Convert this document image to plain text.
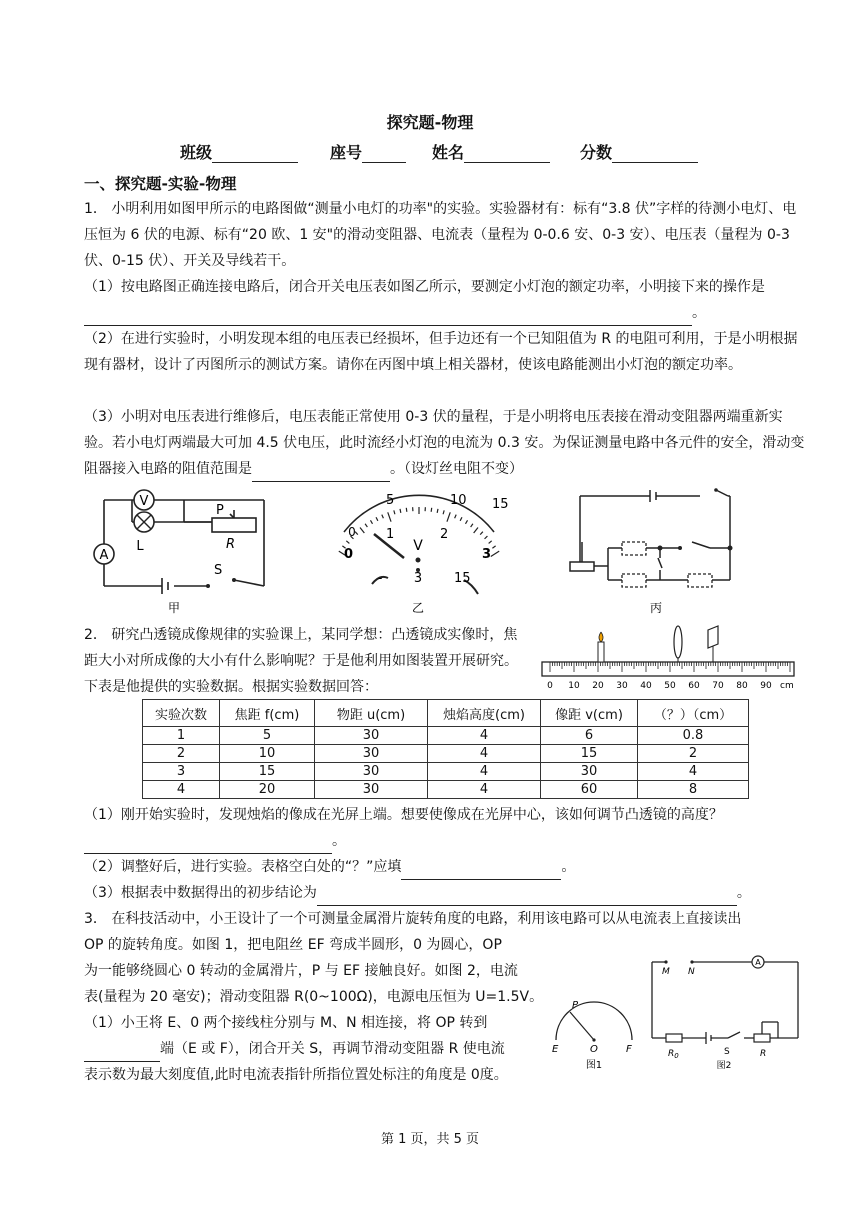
探究题-物理
班级	座号	姓名	分数
一、探究题-实验-物理
1． 小明利用如图甲所示的电路图做“测量小电灯的功率"的实验。实验器材有：标有“3.8 伏”字样的待测小电灯、电压恒为 6 伏的电源、标有“20 欧、1 安"的滑动变阻器、电流表（量程为 0-0.6 安、0-3 安）、电压表（量程为 0-3 伏、0-15 伏）、开关及导线若干。
（1）按电路图正确连接电路后，闭合开关电压表如图乙所示，要测定小灯泡的额定功率，小明接下来的操作是。
（2）在进行实验时，小明发现本组的电压表已经损坏，但手边还有一个已知阻值为 R 的电阻可利用，于是小明根据现有器材，设计了丙图所示的测试方案。请你在丙图中填上相关器材，使该电路能测出小灯泡的额定功率。
（3）小明对电压表进行维修后，电压表能正常使用 0-3 伏的量程，于是小明将电压表接在滑动变阻器两端重新实验。若小电灯两端最大可加 4.5 伏电压，此时流经小灯泡的电流为 0.3 安。为保证测量电路中各元件的安全，滑动变阻器接入电路的阻值范围是	。（设灯丝电阻不变）
V
A
L
P
R
S
甲
0
5	10 15
0
1	2
3
V
- 3 15
乙	丙
2． 研究凸透镜成像规律的实验课上，某同学想：凸透镜成实像时，焦距大小对所成像的大小有什么影响呢？于是他利用如图装置开展研究。下表是他提供的实验数据。根据实验数据回答：	0 10 20 30 40 50 60 70 80 90 cm
实验次数	焦距 f(cm)	物距 u(cm)	烛焰高度(cm)	像距 v(cm)	（？）（cm）
1	5	30	4	6	0.8
2	10	30	4	15	2
3	15	30	4	30	4
4	20	30	4	60	8
（1）刚开始实验时，发现烛焰的像成在光屏上端。想要使像成在光屏中心，该如何调节凸透镜的高度？
。
（2）调整好后，进行实验。表格空白处的“？”应填	。
（3）根据表中数据得出的初步结论为	。
3． 在科技活动中，小王设计了一个可测量金属滑片旋转角度的电路，利用该电路可以从电流表上直接读出
OP 的旋转角度。如图 1，把电阻丝 EF 弯成半圆形，0 为圆心，OP
为一能够绕圆心 0 转动的金属滑片，P 与 EF 接触良好。如图 2，电流
表(量程为 20 毫安)；滑动变阻器 R(0~100Ω)，电源电压恒为 U=1.5V。
（1）小王将 E、0 两个接线柱分别与 M、N 相连接，将 OP 转到
端（E 或 F），闭合开关 S，再调节滑动变阻器 R 使电流
表示数为最大刻度值,此时电流表指针所指位置处标注的角度是 0度。
P
E	O	F
图1
A
M N
$R_0$	S	R
图2
第 1 页，共 5 页
